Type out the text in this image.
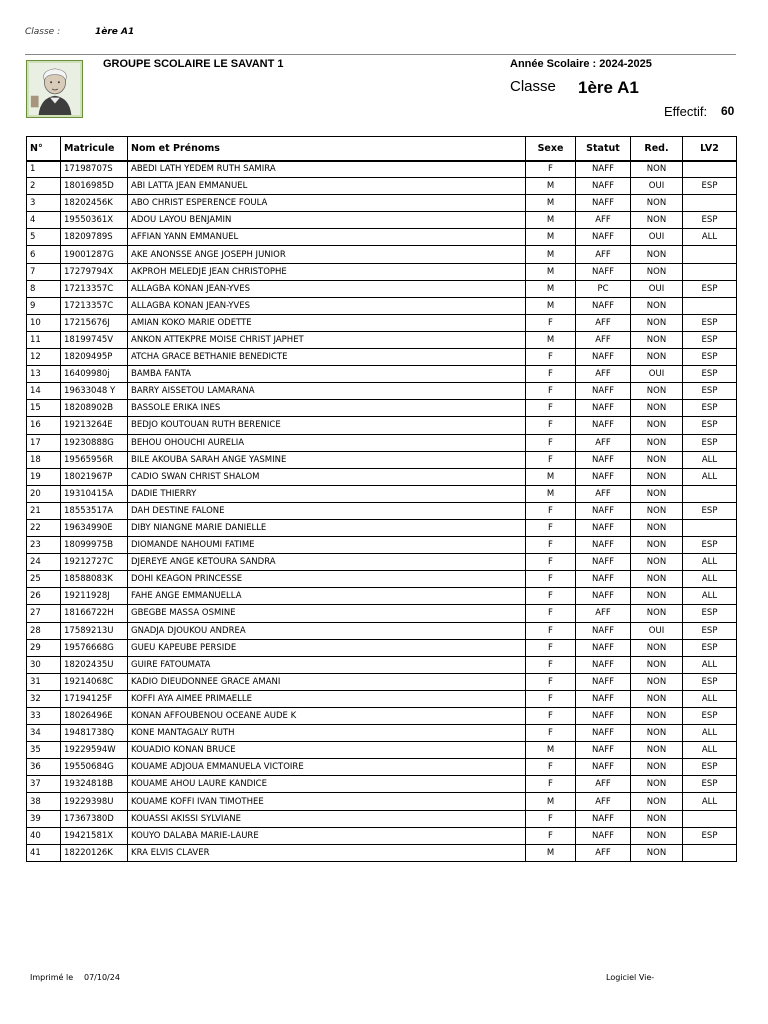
Classe :	1ère A1
GROUPE SCOLAIRE LE SAVANT 1	Année Scolaire : 2024-2025
Classe 1ère A1
Effectif: 60
N°	Matricule	Nom et Prénoms	Sexe	Statut	Red.	LV2
1	17198707S	ABEDI LATH YEDEM RUTH SAMIRA	F	NAFF	NON	
2	18016985D	ABI LATTA JEAN EMMANUEL	M	NAFF	OUI	ESP
3	18202456K	ABO CHRIST ESPERENCE FOULA	M	NAFF	NON	
4	19550361X	ADOU LAYOU BENJAMIN	M	AFF	NON	ESP
5	18209789S	AFFIAN YANN EMMANUEL	M	NAFF	OUI	ALL
6	19001287G	AKE ANONSSE ANGE JOSEPH JUNIOR	M	AFF	NON	
7	17279794X	AKPROH MELEDJE JEAN CHRISTOPHE	M	NAFF	NON	
8	17213357C	ALLAGBA KONAN JEAN-YVES	M	PC	OUI	ESP
9	17213357C	ALLAGBA KONAN JEAN-YVES	M	NAFF	NON	
10	17215676J	AMIAN KOKO MARIE ODETTE	F	AFF	NON	ESP
11	18199745V	ANKON ATTEKPRE MOISE CHRIST JAPHET	M	AFF	NON	ESP
12	18209495P	ATCHA GRACE BETHANIE BENEDICTE	F	NAFF	NON	ESP
13	16409980j	BAMBA FANTA	F	AFF	OUI	ESP
14	19633048 Y	BARRY AISSETOU LAMARANA	F	NAFF	NON	ESP
15	18208902B	BASSOLE ERIKA INES	F	NAFF	NON	ESP
16	19213264E	BEDJO KOUTOUAN RUTH BERENICE	F	NAFF	NON	ESP
17	19230888G	BEHOU OHOUCHI AURELIA	F	AFF	NON	ESP
18	19565956R	BILE AKOUBA SARAH ANGE YASMINE	F	NAFF	NON	ALL
19	18021967P	CADIO SWAN CHRIST SHALOM	M	NAFF	NON	ALL
20	19310415A	DADIE THIERRY	M	AFF	NON	
21	18553517A	DAH DESTINE FALONE	F	NAFF	NON	ESP
22	19634990E	DIBY NIANGNE MARIE DANIELLE	F	NAFF	NON	
23	18099975B	DIOMANDE NAHOUMI FATIME	F	NAFF	NON	ESP
24	19212727C	DJEREYE ANGE KETOURA SANDRA	F	NAFF	NON	ALL
25	18588083K	DOHI KEAGON PRINCESSE	F	NAFF	NON	ALL
26	19211928J	FAHE ANGE EMMANUELLA	F	NAFF	NON	ALL
27	18166722H	GBEGBE MASSA OSMINE	F	AFF	NON	ESP
28	17589213U	GNADJA DJOUKOU ANDREA	F	NAFF	OUI	ESP
29	19576668G	GUEU KAPEUBE PERSIDE	F	NAFF	NON	ESP
30	18202435U	GUIRE FATOUMATA	F	NAFF	NON	ALL
31	19214068C	KADIO DIEUDONNEE GRACE AMANI	F	NAFF	NON	ESP
32	17194125F	KOFFI AYA AIMEE PRIMAELLE	F	NAFF	NON	ALL
33	18026496E	KONAN AFFOUBENOU OCEANE AUDE K	F	NAFF	NON	ESP
34	19481738Q	KONE MANTAGALY RUTH	F	NAFF	NON	ALL
35	19229594W	KOUADIO KONAN BRUCE	M	NAFF	NON	ALL
36	19550684G	KOUAME ADJOUA EMMANUELA VICTOIRE	F	NAFF	NON	ESP
37	19324818B	KOUAME AHOU LAURE KANDICE	F	AFF	NON	ESP
38	19229398U	KOUAME KOFFI IVAN TIMOTHEE	M	AFF	NON	ALL
39	17367380D	KOUASSI AKISSI SYLVIANE	F	NAFF	NON	
40	19421581X	KOUYO DALABA MARIE-LAURE	F	NAFF	NON	ESP
41	18220126K	KRA ELVIS CLAVER	M	AFF	NON	
Imprimé le 07/10/24	Logiciel Vie-
